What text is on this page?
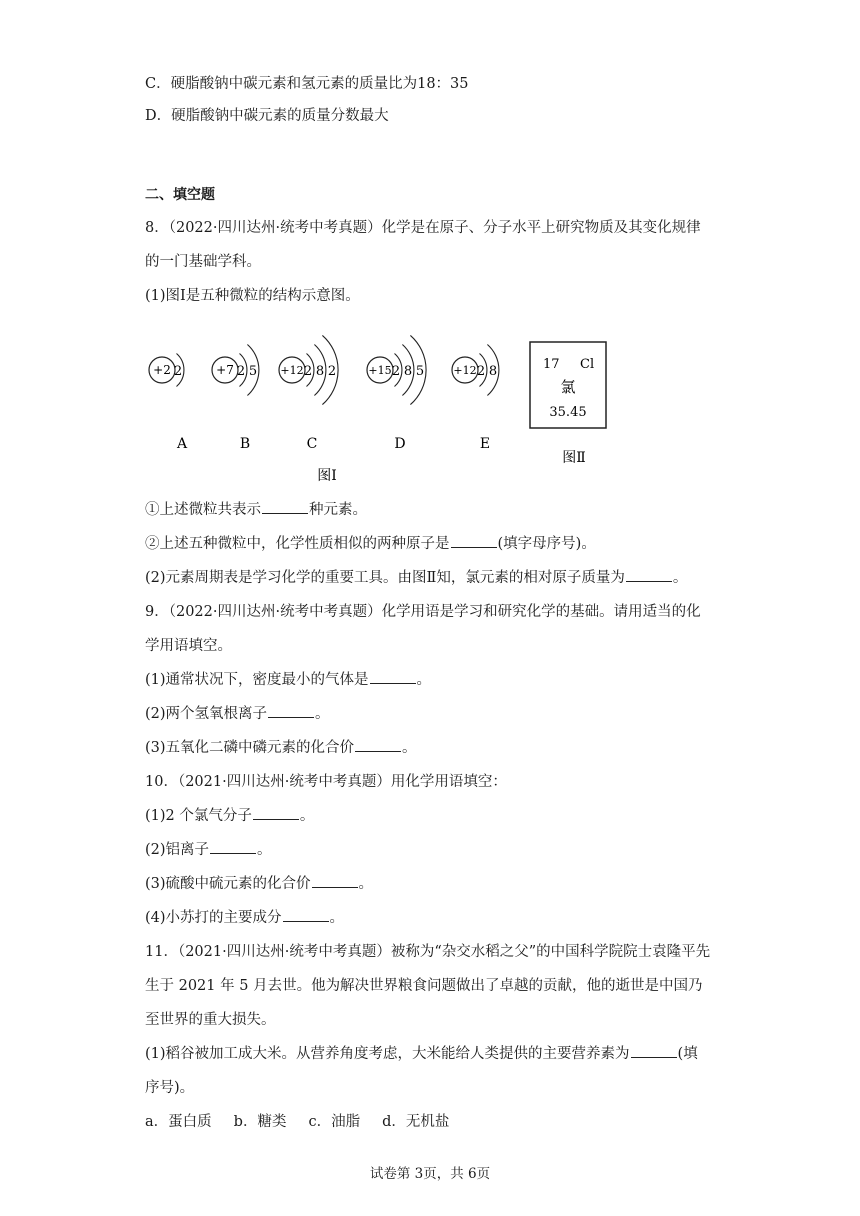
C．硬脂酸钠中碳元素和氢元素的质量比为18：35
D．硬脂酸钠中碳元素的质量分数最大
二、填空题
8．（2022·四川达州·统考中考真题）化学是在原子、分子水平上研究物质及其变化规律
的一门基础学科。
(1)图Ⅰ是五种微粒的结构示意图。
+2 2
A
+7 2 5
B
+12 2 8 2
C
+15 2 8 5
D
+12 2 8
E
图Ⅰ
17 Cl
氯
35.45
图Ⅱ
①上述微粒共表示	种元素。
②上述五种微粒中，化学性质相似的两种原子是	(填字母序号)。
(2)元素周期表是学习化学的重要工具。由图Ⅱ知，氯元素的相对原子质量为	。
9．（2022·四川达州·统考中考真题）化学用语是学习和研究化学的基础。请用适当的化
学用语填空。
(1)通常状况下，密度最小的气体是	。
(2)两个氢氧根离子	。
(3)五氧化二磷中磷元素的化合价	。
10．（2021·四川达州·统考中考真题）用化学用语填空：
(1)2 个氯气分子	。
(2)铝离子	。
(3)硫酸中硫元素的化合价	。
(4)小苏打的主要成分	。
11．（2021·四川达州·统考中考真题）被称为“杂交水稻之父”的中国科学院院士袁隆平先
生于 2021 年 5 月去世。他为解决世界粮食问题做出了卓越的贡献，他的逝世是中国乃
至世界的重大损失。
(1)稻谷被加工成大米。从营养角度考虑，大米能给人类提供的主要营养素为	(填
序号)。
a．蛋白质 b．糖类 c．油脂 d．无机盐
试卷第 3页，共 6页
